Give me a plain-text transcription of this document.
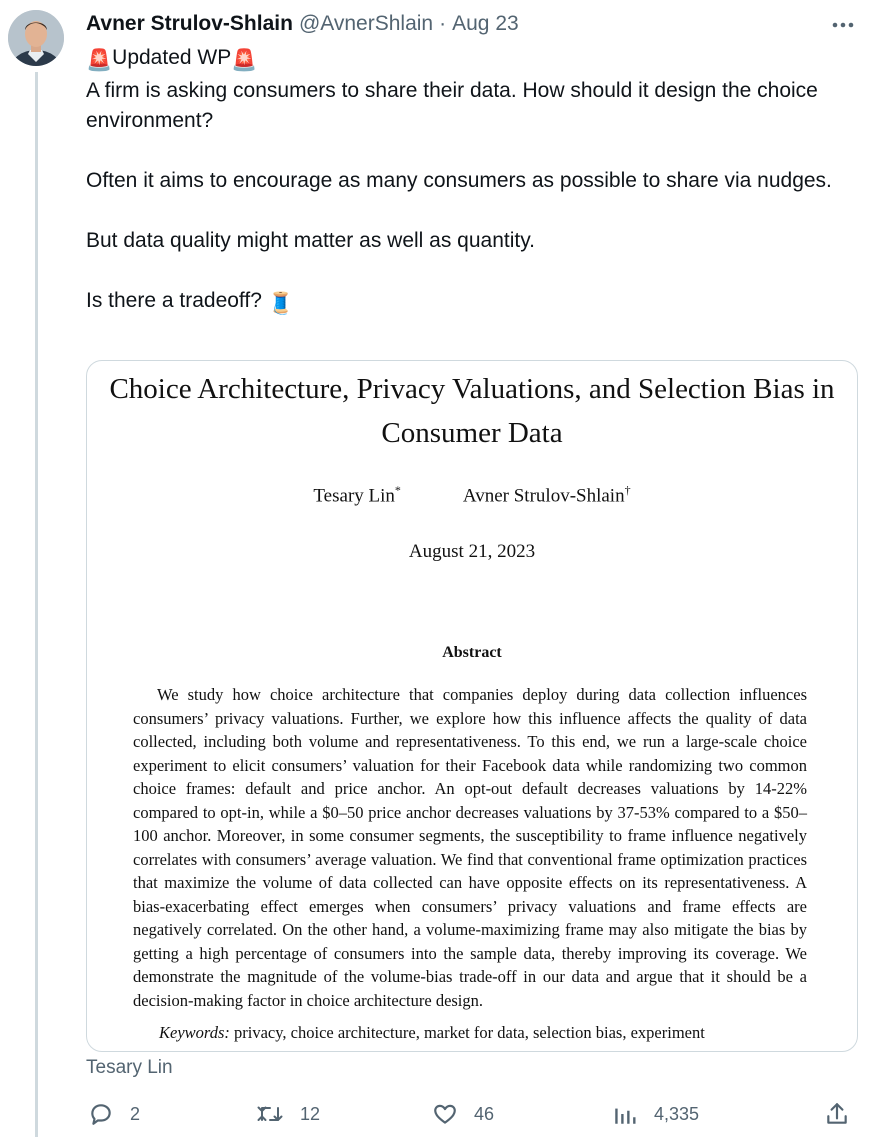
Avner Strulov-Shlain @AvnerShlain · Aug 23

🚨Updated WP🚨

A firm is asking consumers to share their data. How should it design the choice environment?

Often it aims to encourage as many consumers as possible to share via nudges.

But data quality might matter as well as quantity.

Is there a tradeoff? 🧵

Choice Architecture, Privacy Valuations, and Selection Bias in Consumer Data
Tesary Lin*	Avner Strulov-Shlain†
August 21, 2023
Abstract
We study how choice architecture that companies deploy during data collection influences consumers’ privacy valuations. Further, we explore how this influence affects the quality of data collected, including both volume and representativeness. To this end, we run a large-scale choice experiment to elicit consumers’ valuation for their Facebook data while randomizing two common choice frames: default and price anchor. An opt-out default decreases valuations by 14-22% compared to opt-in, while a $0–50 price anchor decreases valuations by 37-53% compared to a $50–100 anchor. Moreover, in some consumer segments, the susceptibility to frame influence negatively correlates with consumers’ average valuation. We find that conventional frame optimization practices that maximize the volume of data collected can have opposite effects on its representativeness. A bias-exacerbating effect emerges when consumers’ privacy valuations and frame effects are negatively correlated. On the other hand, a volume-maximizing frame may also mitigate the bias by getting a high percentage of consumers into the sample data, thereby improving its coverage. We demonstrate the magnitude of the volume-bias trade-off in our data and argue that it should be a decision-making factor in choice architecture design.
Keywords: privacy, choice architecture, market for data, selection bias, experiment
Tesary Lin
2	12	46	4,335
